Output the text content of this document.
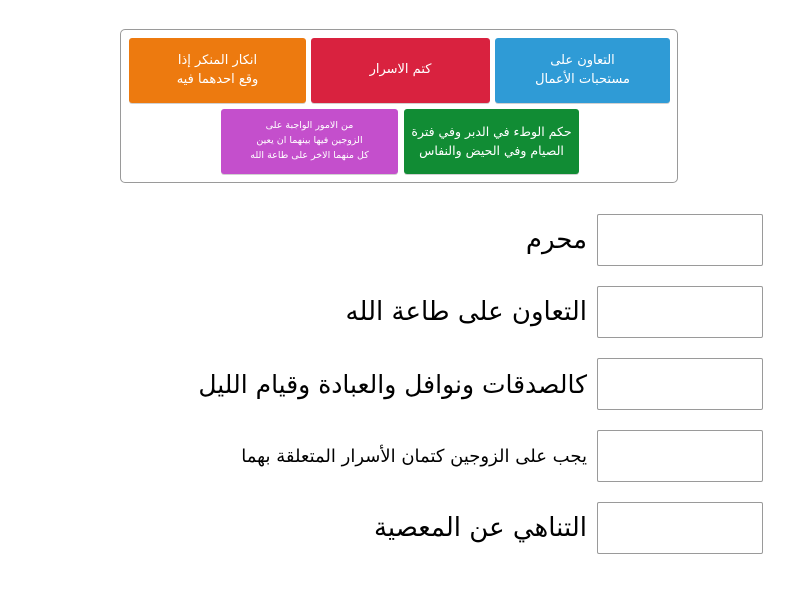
التعاون على
مستحبات الأعمال
كتم الاسرار
انكار المنكر إذا
وقع احدهما فيه
حكم الوطء في الدبر وفي فترة
الصيام وفي الحيض والنفاس
من الامور الواجبة على
الزوجين فيها بينهما ان يعين
كل منهما الاخر على طاعة الله
محرم
التعاون على طاعة الله
كالصدقات ونوافل والعبادة وقيام الليل
يجب على الزوجين كتمان الأسرار المتعلقة بهما
التناهي عن المعصية
